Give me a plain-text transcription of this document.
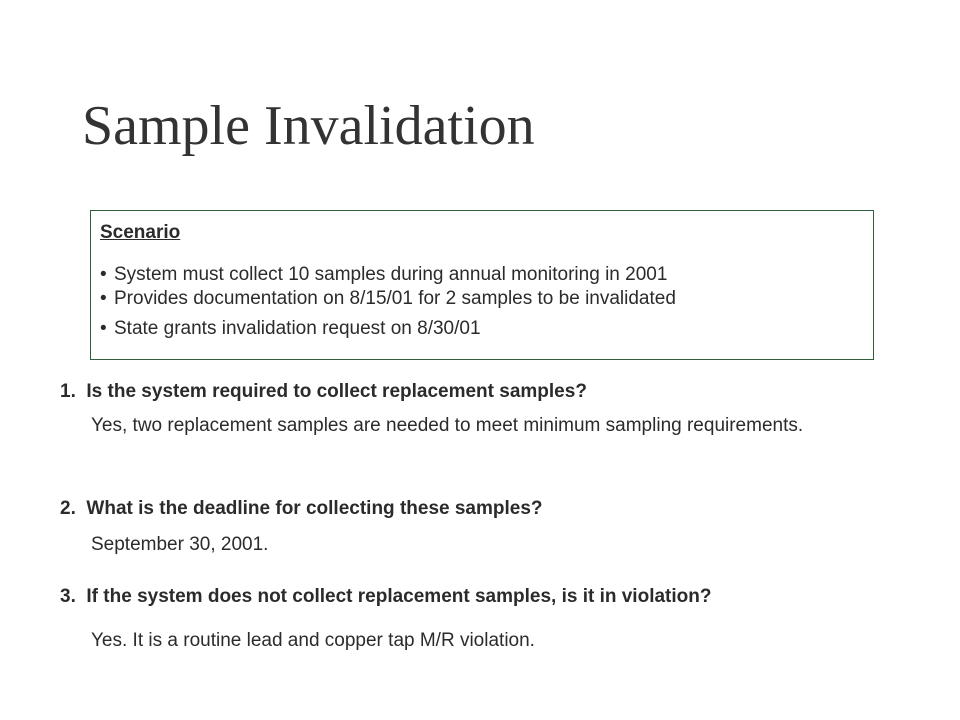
Sample Invalidation
Scenario
• System must collect 10 samples during annual monitoring in 2001
• Provides documentation on 8/15/01 for 2 samples to be invalidated
• State grants invalidation request on 8/30/01

1.  Is the system required to collect replacement samples?

Yes, two replacement samples are needed to meet minimum sampling requirements.

2.  What is the deadline for collecting these samples?

September 30, 2001.

3.  If the system does not collect replacement samples, is it in violation?

Yes. It is a routine lead and copper tap M/R violation.
